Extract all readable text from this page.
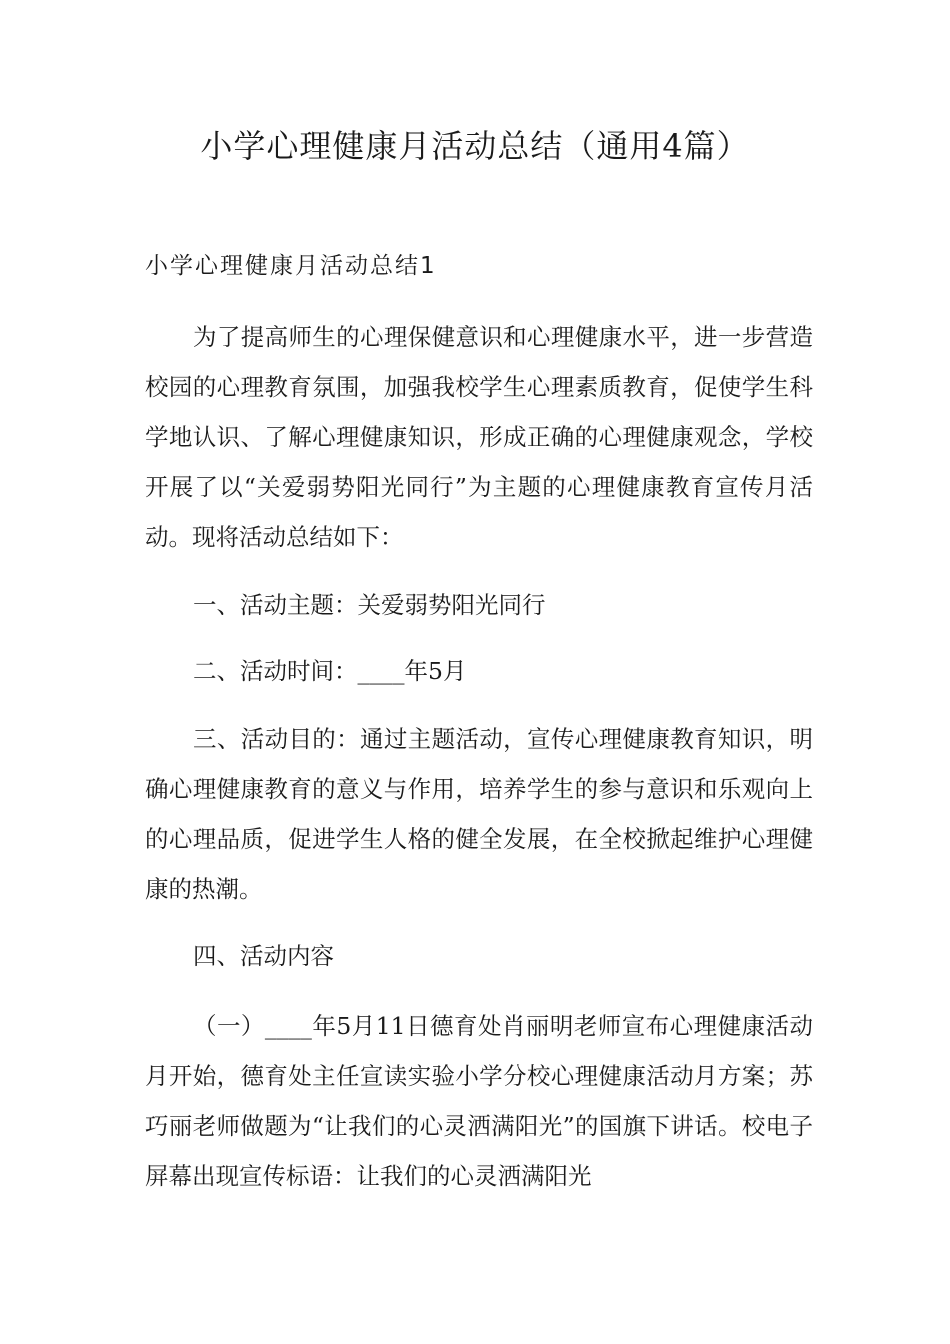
小学心理健康月活动总结（通用4篇）
小学心理健康月活动总结1

为了提高师生的心理保健意识和心理健康水平，进一步营造校园的心理教育氛围，加强我校学生心理素质教育，促使学生科学地认识、了解心理健康知识，形成正确的心理健康观念，学校开展了以“关爱弱势阳光同行”为主题的心理健康教育宣传月活动。现将活动总结如下：

一、活动主题：关爱弱势阳光同行

二、活动时间：____年5月

三、活动目的：通过主题活动，宣传心理健康教育知识，明确心理健康教育的意义与作用，培养学生的参与意识和乐观向上的心理品质，促进学生人格的健全发展，在全校掀起维护心理健康的热潮。

四、活动内容

（一）____年5月11日德育处肖丽明老师宣布心理健康活动月开始，德育处主任宣读实验小学分校心理健康活动月方案；苏巧丽老师做题为“让我们的心灵洒满阳光”的国旗下讲话。校电子屏幕出现宣传标语：让我们的心灵洒满阳光
